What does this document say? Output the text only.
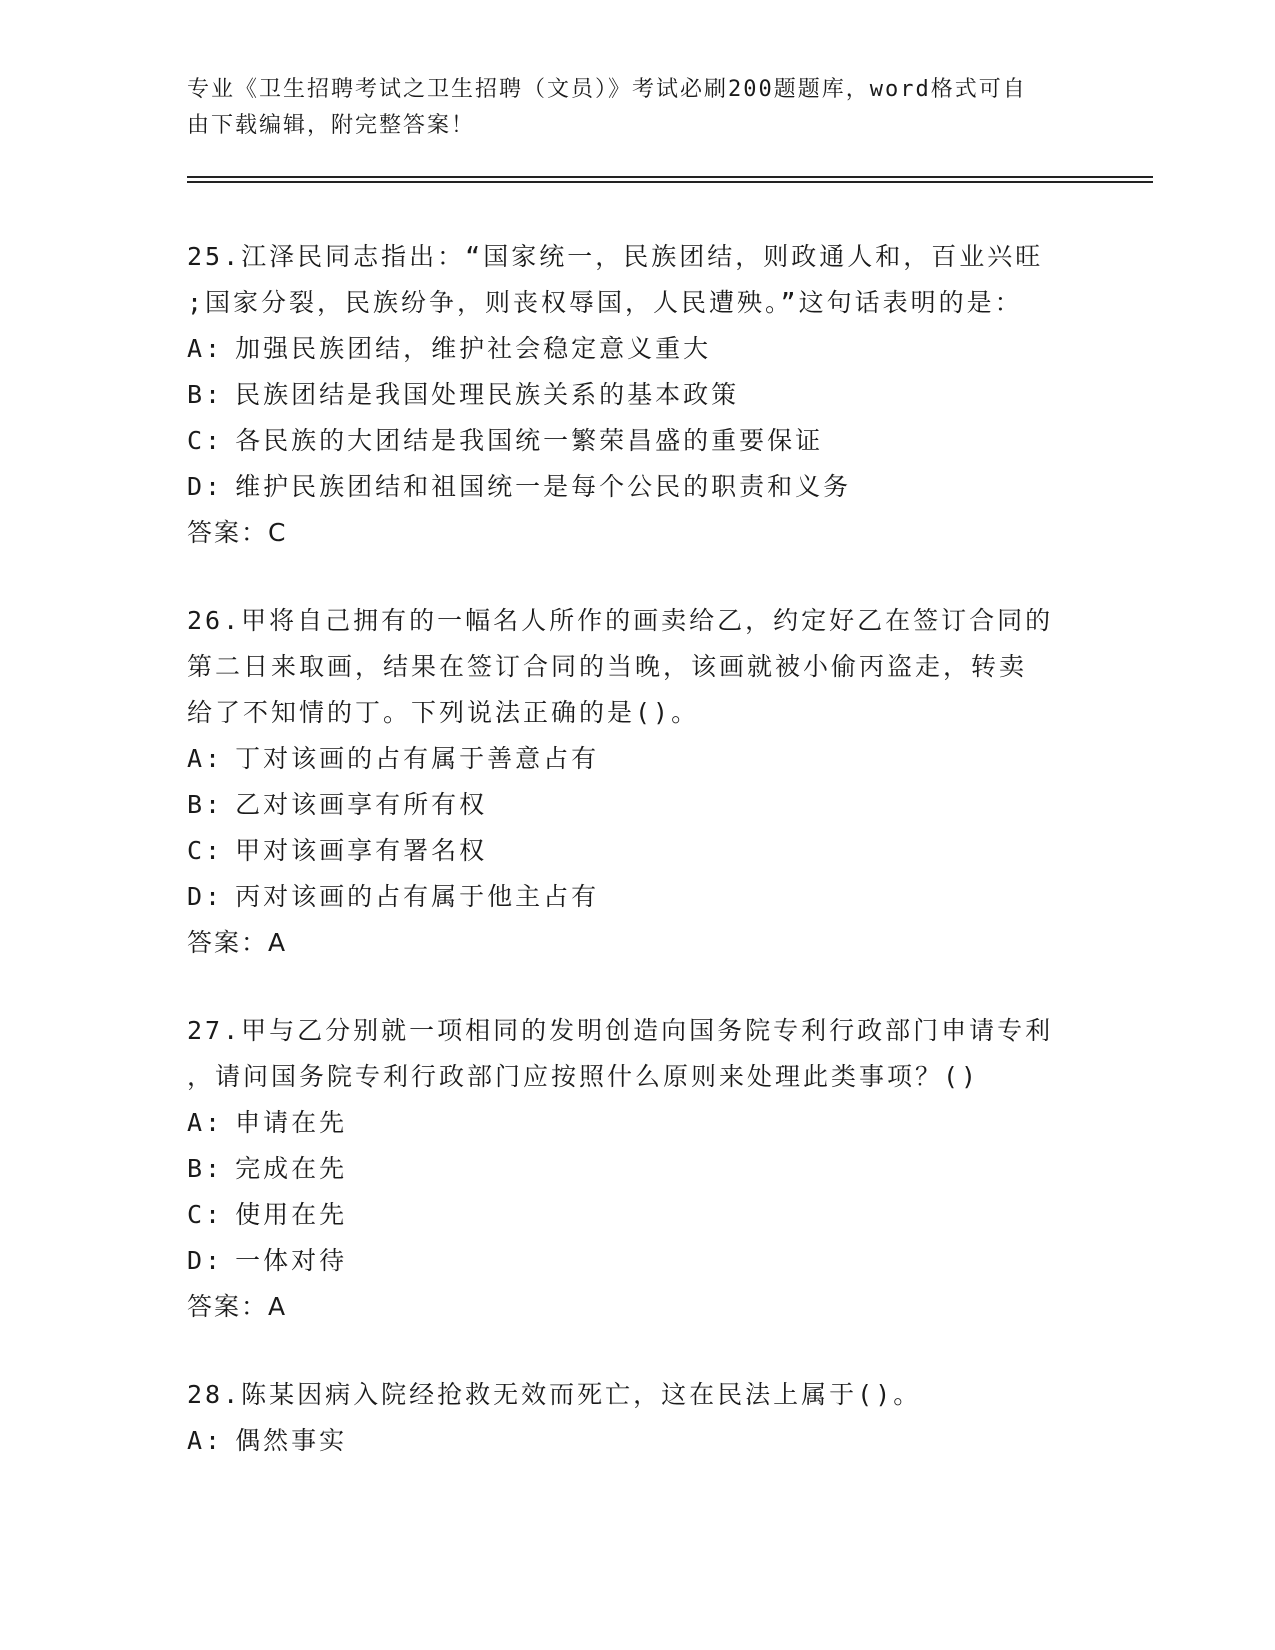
专业《卫生招聘考试之卫生招聘（文员）》考试必刷200题题库，word格式可自
由下载编辑，附完整答案！

25.江泽民同志指出：“国家统一，民族团结，则政通人和，百业兴旺

;国家分裂，民族纷争，则丧权辱国，人民遭殃。”这句话表明的是：

A: 加强民族团结，维护社会稳定意义重大

B: 民族团结是我国处理民族关系的基本政策

C: 各民族的大团结是我国统一繁荣昌盛的重要保证

D: 维护民族团结和祖国统一是每个公民的职责和义务

答案：C

26.甲将自己拥有的一幅名人所作的画卖给乙，约定好乙在签订合同的

第二日来取画，结果在签订合同的当晚，该画就被小偷丙盗走，转卖

给了不知情的丁。下列说法正确的是()。

A: 丁对该画的占有属于善意占有

B: 乙对该画享有所有权

C: 甲对该画享有署名权

D: 丙对该画的占有属于他主占有

答案：A

27.甲与乙分别就一项相同的发明创造向国务院专利行政部门申请专利

，请问国务院专利行政部门应按照什么原则来处理此类事项？()

A: 申请在先

B: 完成在先

C: 使用在先

D: 一体对待

答案：A

28.陈某因病入院经抢救无效而死亡，这在民法上属于()。

A: 偶然事实
